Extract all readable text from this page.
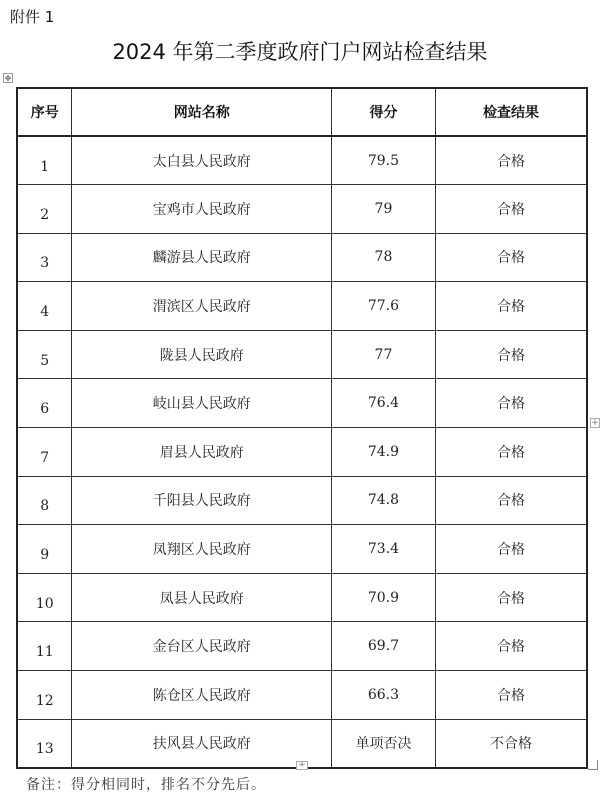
附件 1
2024 年第二季度政府门户网站检查结果
✥
序号	网站名称	得分	检查结果
1	太白县人民政府	79.5	合格
2	宝鸡市人民政府	79	合格
3	麟游县人民政府	78	合格
4	渭滨区人民政府	77.6	合格
5	陇县人民政府	77	合格
6	岐山县人民政府	76.4	合格
7	眉县人民政府	74.9	合格
8	千阳县人民政府	74.8	合格
9	凤翔区人民政府	73.4	合格
10	凤县人民政府	70.9	合格
11	金台区人民政府	69.7	合格
12	陈仓区人民政府	66.3	合格
13	扶风县人民政府	单项否决	不合格
+
+
备注：得分相同时，排名不分先后。
